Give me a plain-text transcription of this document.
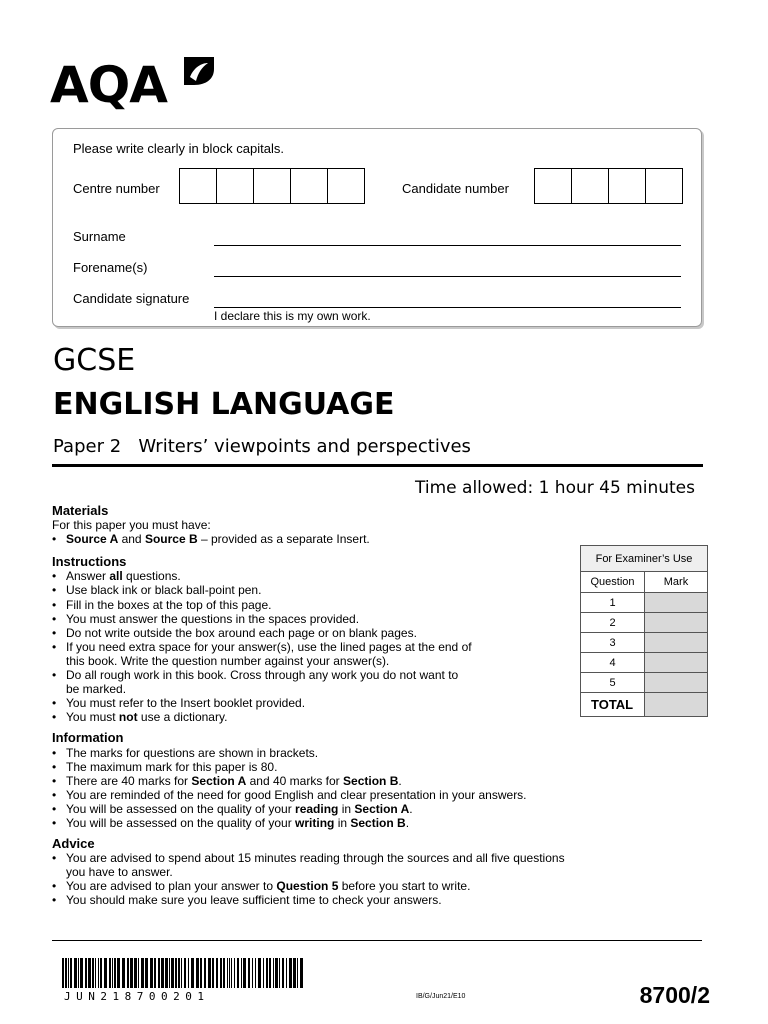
AQA
Please write clearly in block capitals.
Centre number	Candidate number
Surname
Forename(s)
Candidate signature
I declare this is my own work.
GCSE
ENGLISH LANGUAGE
Paper 2   Writers’ viewpoints and perspectives
Time allowed: 1 hour 45 minutes
Materials
For this paper you must have:
• Source A and Source B – provided as a separate Insert.
Instructions
• Answer all questions.
• Use black ink or black ball-point pen.
• Fill in the boxes at the top of this page.
• You must answer the questions in the spaces provided.
• Do not write outside the box around each page or on blank pages.
• If you need extra space for your answer(s), use the lined pages at the end of
this book. Write the question number against your answer(s).
• Do all rough work in this book. Cross through any work you do not want to
be marked.
• You must refer to the Insert booklet provided.
• You must not use a dictionary.
Information
• The marks for questions are shown in brackets.
• The maximum mark for this paper is 80.
• There are 40 marks for Section A and 40 marks for Section B.
• You are reminded of the need for good English and clear presentation in your answers.
• You will be assessed on the quality of your reading in Section A.
• You will be assessed on the quality of your writing in Section B.
Advice
• You are advised to spend about 15 minutes reading through the sources and all five questions
you have to answer.
• You are advised to plan your answer to Question 5 before you start to write.
• You should make sure you leave sufficient time to check your answers.
For Examiner’s Use	
Question	Mark
1	
2	
3	
4	
5	
TOTAL	
JUN218700201	IB/G/Jun21/E10	8700/2
